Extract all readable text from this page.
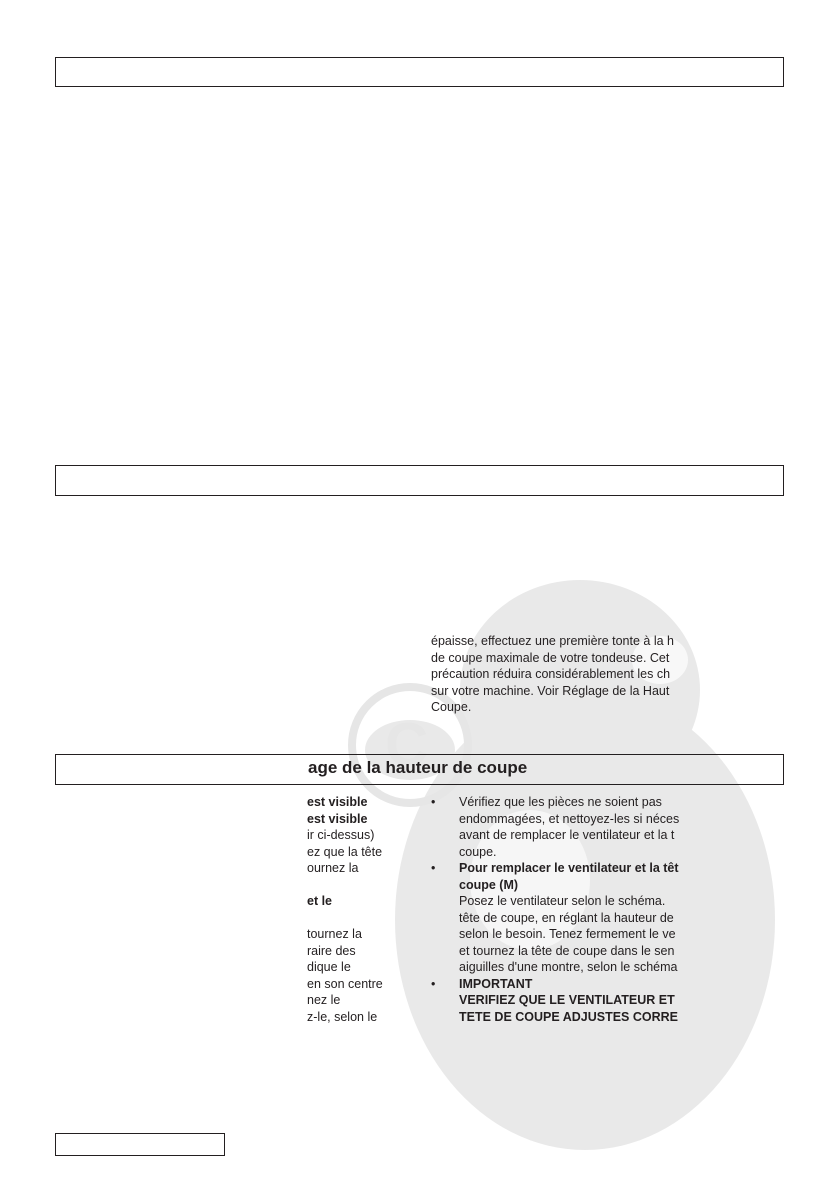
C
épaisse, effectuez une première tonte à la h
de coupe maximale de votre tondeuse. Cet
précaution réduira considérablement les ch
sur votre machine. Voir Réglage de la Haut
Coupe.
age de la hauteur de coupe
est visible
est visible
ir ci-dessus)
ez que la tête
ournez la

et le

tournez la
raire des
dique le
en son centre
nez le
z-le, selon le
• Vérifiez que les pièces ne soient pas
endommagées, et nettoyez-les si néces
avant de remplacer le ventilateur et la t
coupe.
• Pour remplacer le ventilateur et la têt
coupe (M)
Posez le ventilateur selon le schéma.
tête de coupe, en réglant la hauteur de
selon le besoin. Tenez fermement le ve
et tournez la tête de coupe dans le sen
aiguilles d'une montre, selon le schéma
• IMPORTANT
VERIFIEZ QUE LE VENTILATEUR ET
TETE DE COUPE ADJUSTES CORRE
